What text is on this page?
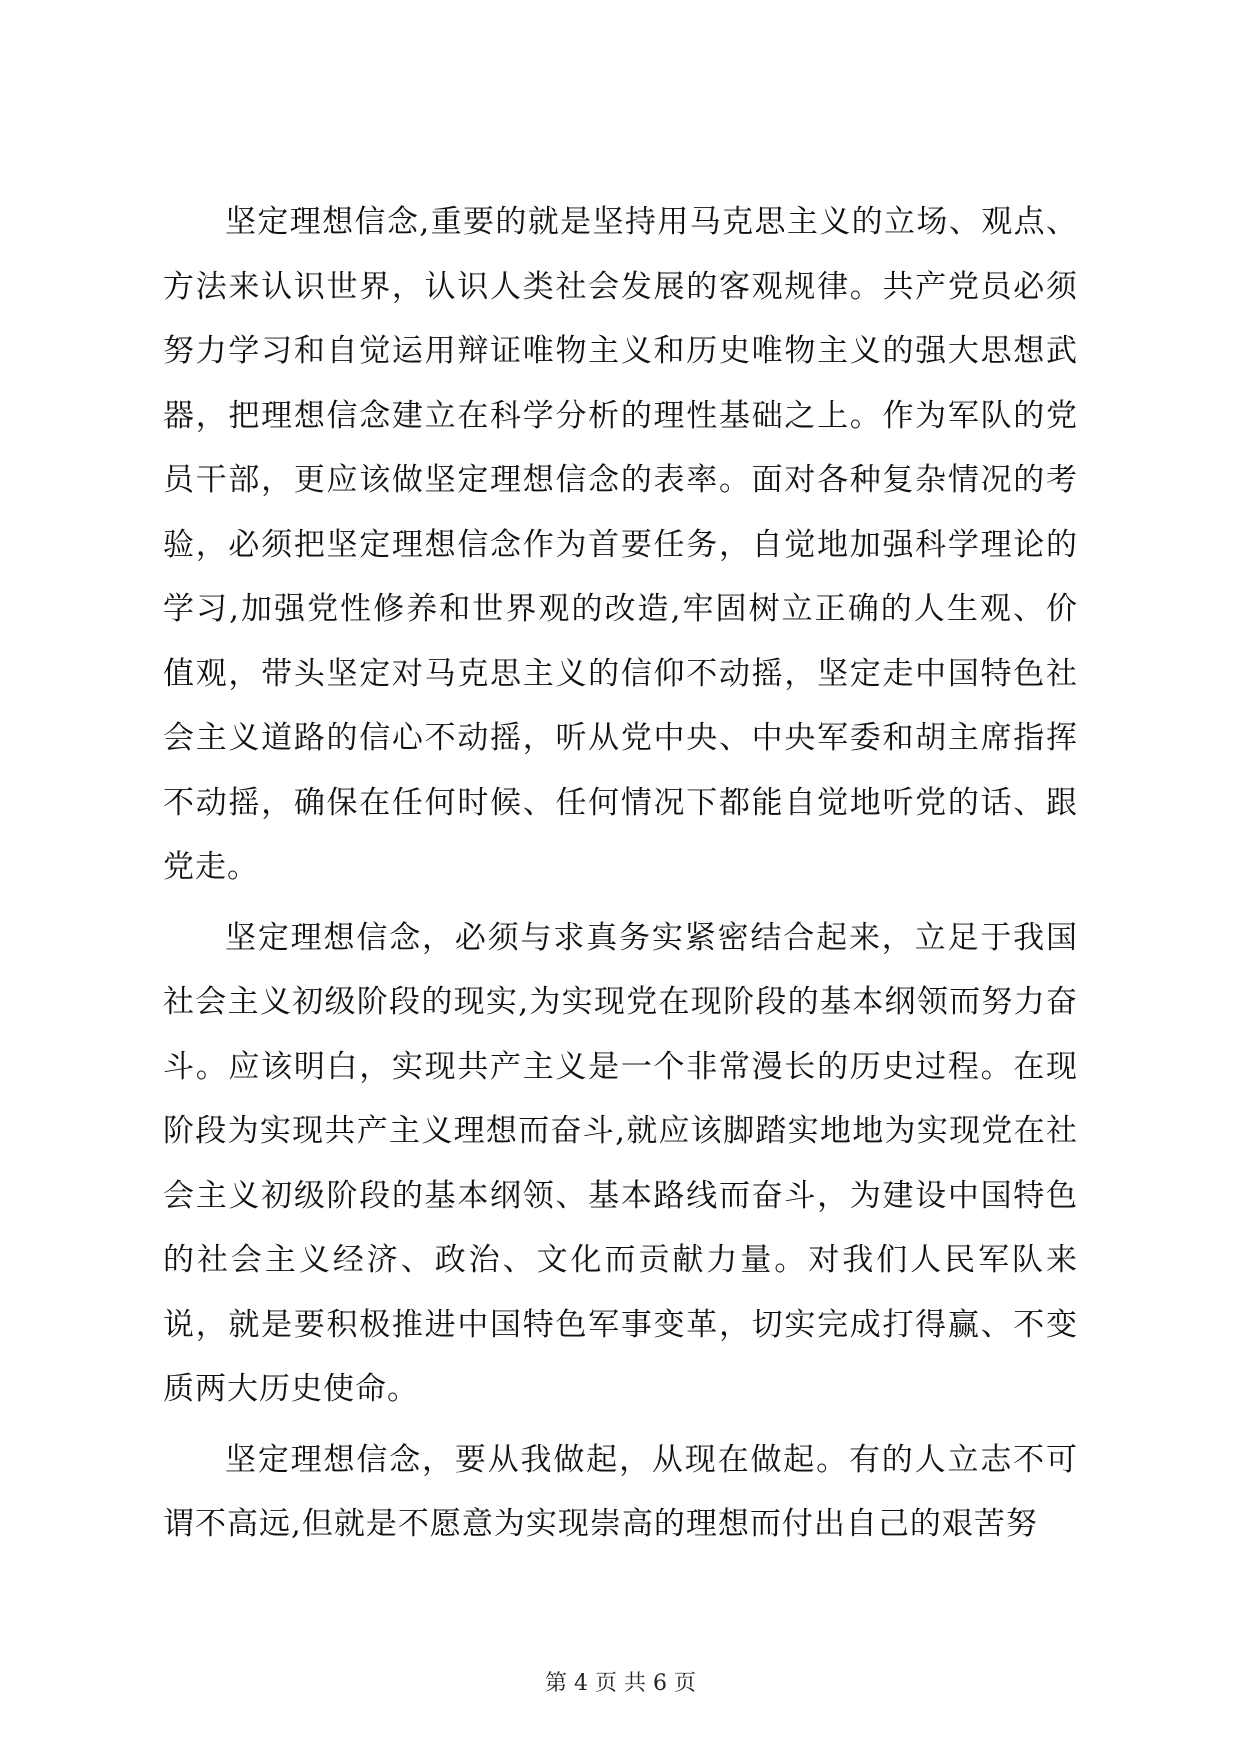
坚定理想信念,重要的就是坚持用马克思主义的立场、观点、方法来认识世界，认识人类社会发展的客观规律。共产党员必须努力学习和自觉运用辩证唯物主义和历史唯物主义的强大思想武器，把理想信念建立在科学分析的理性基础之上。作为军队的党员干部，更应该做坚定理想信念的表率。面对各种复杂情况的考验，必须把坚定理想信念作为首要任务，自觉地加强科学理论的学习,加强党性修养和世界观的改造,牢固树立正确的人生观、价值观，带头坚定对马克思主义的信仰不动摇，坚定走中国特色社会主义道路的信心不动摇，听从党中央、中央军委和胡主席指挥不动摇，确保在任何时候、任何情况下都能自觉地听党的话、跟党走。

坚定理想信念，必须与求真务实紧密结合起来，立足于我国社会主义初级阶段的现实,为实现党在现阶段的基本纲领而努力奋斗。应该明白，实现共产主义是一个非常漫长的历史过程。在现阶段为实现共产主义理想而奋斗,就应该脚踏实地地为实现党在社会主义初级阶段的基本纲领、基本路线而奋斗，为建设中国特色的社会主义经济、政治、文化而贡献力量。对我们人民军队来说，就是要积极推进中国特色军事变革，切实完成打得赢、不变质两大历史使命。

坚定理想信念，要从我做起，从现在做起。有的人立志不可谓不高远,但就是不愿意为实现崇高的理想而付出自己的艰苦努

第 4 页 共 6 页
